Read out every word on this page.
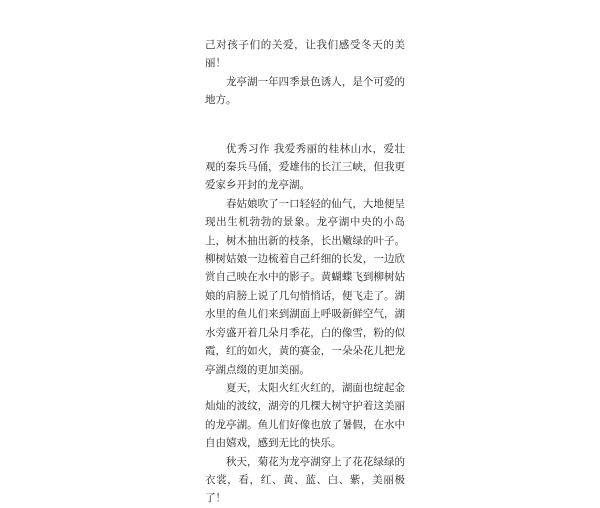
己对孩子们的关爱，让我们感受冬天的美丽！

龙亭湖一年四季景色诱人，是个可爱的地方。

优秀习作 我爱秀丽的桂林山水，爱壮观的秦兵马俑，爱雄伟的长江三峡，但我更爱家乡开封的龙亭湖。

春姑娘吹了一口轻轻的仙气，大地便呈现出生机勃勃的景象。龙亭湖中央的小岛上，树木抽出新的枝条，长出嫩绿的叶子。柳树姑娘一边梳着自己纤细的长发，一边欣赏自己映在水中的影子。黄蝴蝶飞到柳树姑娘的肩膀上说了几句悄悄话，便飞走了。湖水里的鱼儿们来到湖面上呼吸新鲜空气，湖水旁盛开着几朵月季花，白的像雪，粉的似霞，红的如火，黄的赛金，一朵朵花儿把龙亭湖点缀的更加美丽。

夏天，太阳火红火红的，湖面也绽起金灿灿的波纹，湖旁的几棵大树守护着这美丽的龙亭湖。鱼儿们好像也放了暑假，在水中自由嬉戏，感到无比的快乐。

秋天，菊花为龙亭湖穿上了花花绿绿的衣裳，看，红、黄、蓝、白、紫，美丽极了！
